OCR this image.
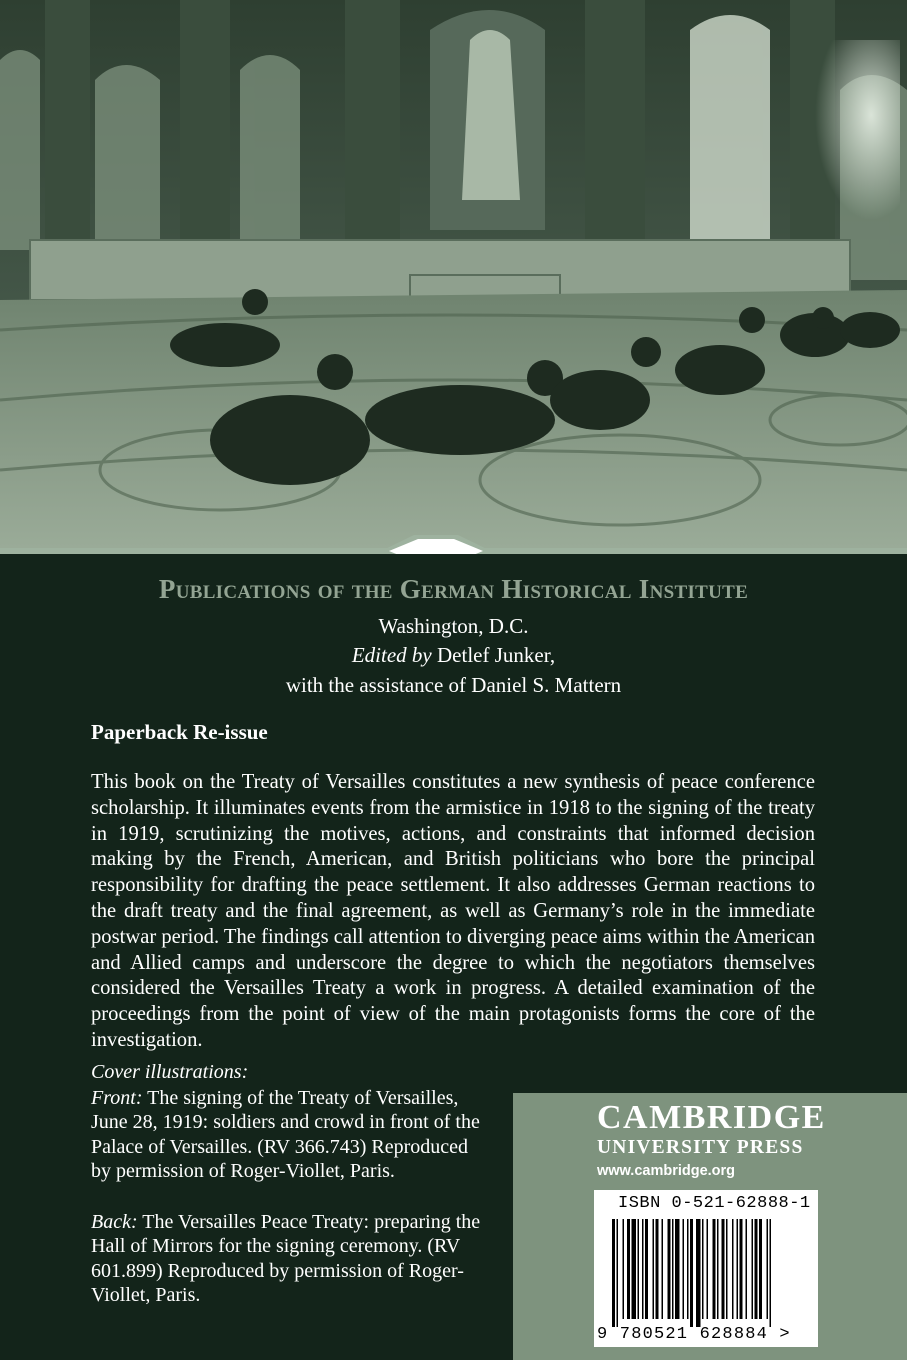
Publications of the German Historical Institute
Washington, D.C.
Edited by Detlef Junker,
with the assistance of Daniel S. Mattern
Paperback Re-issue
This book on the Treaty of Versailles constitutes a new synthesis of peace conference scholarship. It illuminates events from the armistice in 1918 to the signing of the treaty in 1919, scrutinizing the motives, actions, and constraints that informed decision making by the French, American, and British politicians who bore the principal responsibility for drafting the peace settlement. It also addresses German reactions to the draft treaty and the final agreement, as well as Germany’s role in the immediate postwar period. The findings call attention to diverging peace aims within the American and Allied camps and underscore the degree to which the negotiators themselves considered the Versailles Treaty a work in progress. A detailed examination of the proceedings from the point of view of the main protagonists forms the core of the investigation.
Cover illustrations:
Front: The signing of the Treaty of Versailles, June 28, 1919: soldiers and crowd in front of the Palace of Versailles. (RV 366.743) Reproduced by permission of Roger-Viollet, Paris.
Back: The Versailles Peace Treaty: preparing the Hall of Mirrors for the signing ceremony. (RV 601.899) Reproduced by permission of Roger-Viollet, Paris.
CAMBRIDGE
UNIVERSITY PRESS
www.cambridge.org
ISBN 0-521-62888-1
9 780521 628884 >
